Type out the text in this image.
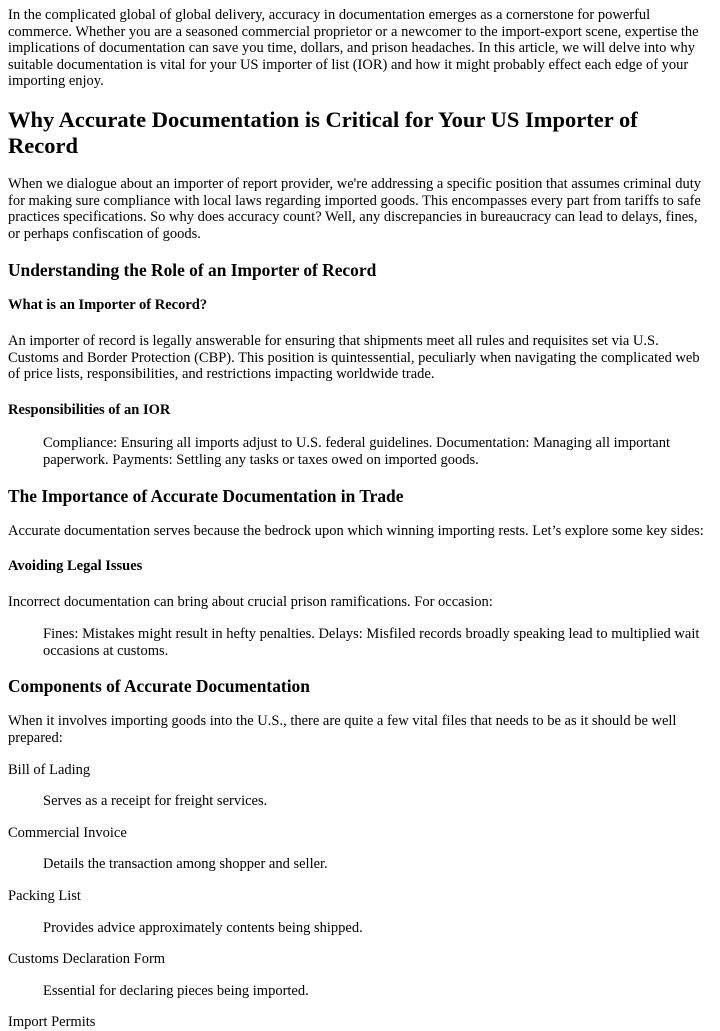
In the complicated global of global delivery, accuracy in documentation emerges as a cornerstone for powerful commerce. Whether you are a seasoned commercial proprietor or a newcomer to the import-export scene, expertise the implications of documentation can save you time, dollars, and prison headaches. In this article, we will delve into why suitable documentation is vital for your US importer of list (IOR) and how it might probably effect each edge of your importing enjoy.

Why Accurate Documentation is Critical for Your US Importer of Record

When we dialogue about an importer of report provider, we're addressing a specific position that assumes criminal duty for making sure compliance with local laws regarding imported goods. This encompasses every part from tariffs to safe practices specifications. So why does accuracy count? Well, any discrepancies in bureaucracy can lead to delays, fines, or perhaps confiscation of goods.

Understanding the Role of an Importer of Record
What is an Importer of Record?

An importer of record is legally answerable for ensuring that shipments meet all rules and requisites set via U.S. Customs and Border Protection (CBP). This position is quintessential, peculiarly when navigating the complicated web of price lists, responsibilities, and restrictions impacting worldwide trade.

Responsibilities of an IOR

Compliance: Ensuring all imports adjust to U.S. federal guidelines. Documentation: Managing all important paperwork. Payments: Settling any tasks or taxes owed on imported goods.

The Importance of Accurate Documentation in Trade

Accurate documentation serves because the bedrock upon which winning importing rests. Let’s explore some key sides:

Avoiding Legal Issues

Incorrect documentation can bring about crucial prison ramifications. For occasion:

Fines: Mistakes might result in hefty penalties. Delays: Misfiled records broadly speaking lead to multiplied wait occasions at customs.

Components of Accurate Documentation

When it involves importing goods into the U.S., there are quite a few vital files that needs to be as it should be well prepared:

Bill of Lading

Serves as a receipt for freight services.

Commercial Invoice

Details the transaction among shopper and seller.

Packing List

Provides advice approximately contents being shipped.

Customs Declaration Form

Essential for declaring pieces being imported.

Import Permits
